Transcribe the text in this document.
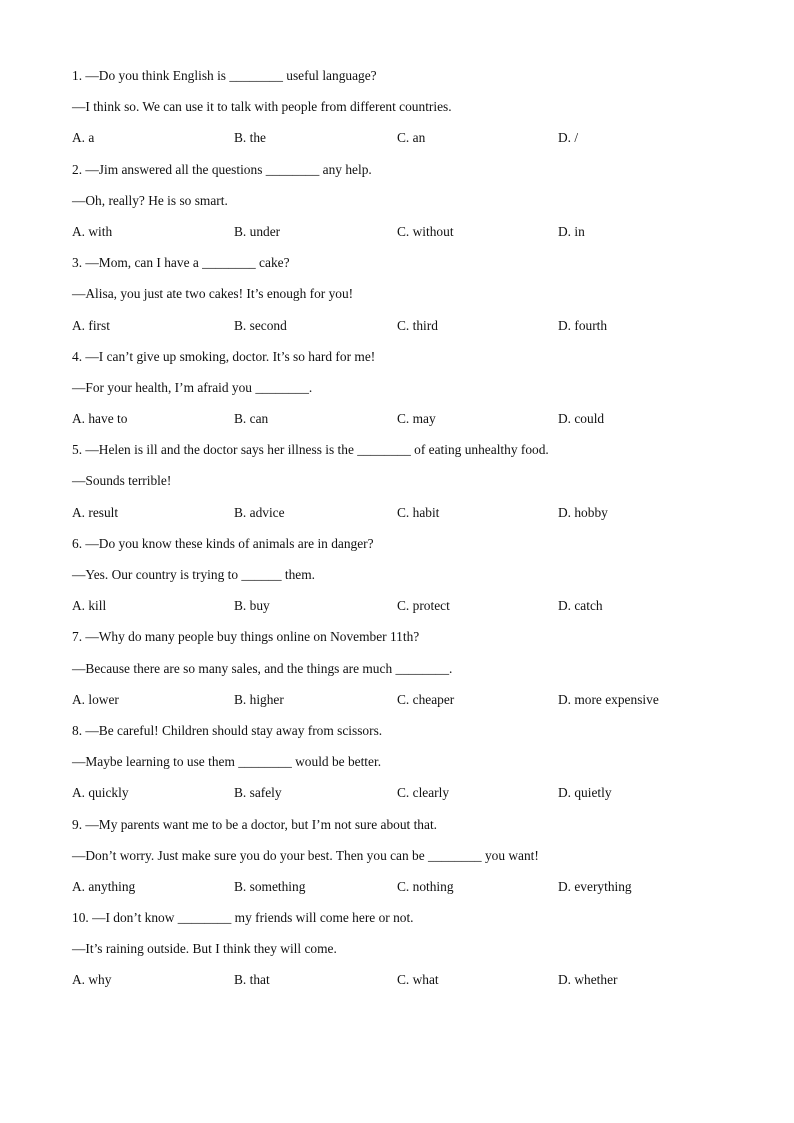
1. —Do you think English is ________ useful language?
—I think so. We can use it to talk with people from different countries.
A. a	B. the	C. an	D. /
2. —Jim answered all the questions ________ any help.
—Oh, really? He is so smart.
A. with	B. under	C. without	D. in
3. —Mom, can I have a ________ cake?
—Alisa, you just ate two cakes! It’s enough for you!
A. first	B. second	C. third	D. fourth
4. —I can’t give up smoking, doctor. It’s so hard for me!
—For your health, I’m afraid you ________.
A. have to	B. can	C. may	D. could
5. —Helen is ill and the doctor says her illness is the ________ of eating unhealthy food.
—Sounds terrible!
A. result	B. advice	C. habit	D. hobby
6. —Do you know these kinds of animals are in danger?
—Yes. Our country is trying to ______ them.
A. kill	B. buy	C. protect	D. catch
7. —Why do many people buy things online on November 11th?
—Because there are so many sales, and the things are much ________.
A. lower	B. higher	C. cheaper	D. more expensive
8. —Be careful! Children should stay away from scissors.
—Maybe learning to use them ________ would be better.
A. quickly	B. safely	C. clearly	D. quietly
9. —My parents want me to be a doctor, but I’m not sure about that.
—Don’t worry. Just make sure you do your best. Then you can be ________ you want!
A. anything	B. something	C. nothing	D. everything
10. —I don’t know ________ my friends will come here or not.
—It’s raining outside. But I think they will come.
A. why	B. that	C. what	D. whether
